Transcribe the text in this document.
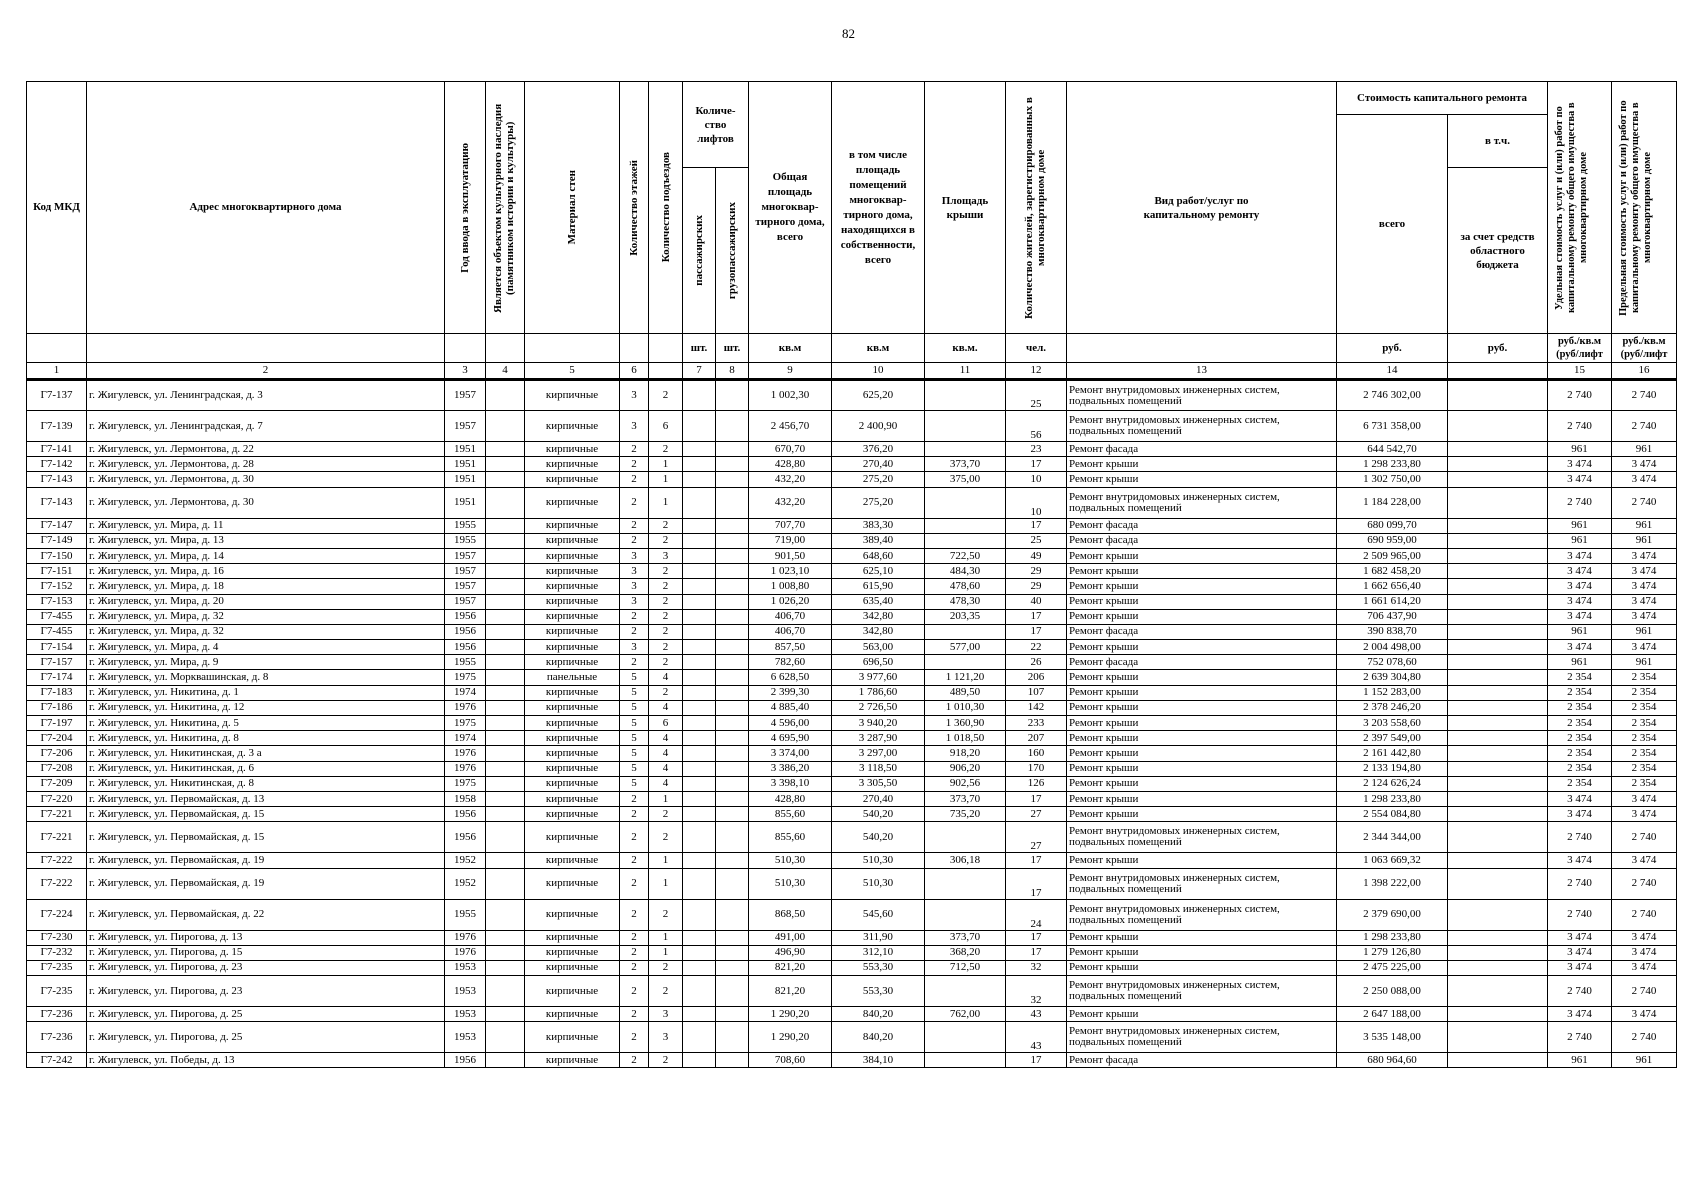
82
Код МКД	Адрес многоквартирного дома	Год ввода в эксплуатацию	Является объектом культурного наследия (памятником истории и культуры)	Материал стен	Количество этажей	Количество подъездов	Количе-ство лифтов		Общая площадь многоквар-тирного дома, всего	в том числе площадь помещений многоквар-тирного дома, находящихся в собственности, всего	Площадь крыши	Количество жителей, зарегистрированных в многоквартирном доме	Вид работ/услуг по капитальному ремонту	Стоимость капитального ремонта		Удельная стоимость услуг и (или) работ по капитальному ремонту общего имущества в многоквартирном доме	Предельная стоимость услуг и (или) работ по капитальному ремонту общего имущества в многоквартирном доме

														всего	в т.ч.		

							пассажирских	грузопассажирских							за счет средств областного бюджета		

							шт.	шт.	кв.м	кв.м	кв.м.	чел.		руб.	руб.	руб./кв.м (руб/лифт	руб./кв.м (руб/лифт
1	2	3	4	5	6		7	8	9	10	11	12	13	14		15	16
Г7-137	г. Жигулевск, ул. Ленинградская, д. 3	1957		кирпичные	3	2			1 002,30	625,20		25	Ремонт внутридомовых инженерных систем, подвальных помещений	2 746 302,00		2 740	2 740
Г7-139	г. Жигулевск, ул. Ленинградская, д. 7	1957		кирпичные	3	6			2 456,70	2 400,90		56	Ремонт внутридомовых инженерных систем, подвальных помещений	6 731 358,00		2 740	2 740
Г7-141	г. Жигулевск, ул. Лермонтова, д. 22	1951		кирпичные	2	2			670,70	376,20		23	Ремонт фасада	644 542,70		961	961
Г7-142	г. Жигулевск, ул. Лермонтова, д. 28	1951		кирпичные	2	1			428,80	270,40	373,70	17	Ремонт крыши	1 298 233,80		3 474	3 474
Г7-143	г. Жигулевск, ул. Лермонтова, д. 30	1951		кирпичные	2	1			432,20	275,20	375,00	10	Ремонт крыши	1 302 750,00		3 474	3 474
Г7-143	г. Жигулевск, ул. Лермонтова, д. 30	1951		кирпичные	2	1			432,20	275,20		10	Ремонт внутридомовых инженерных систем, подвальных помещений	1 184 228,00		2 740	2 740
Г7-147	г. Жигулевск, ул. Мира, д. 11	1955		кирпичные	2	2			707,70	383,30		17	Ремонт фасада	680 099,70		961	961
Г7-149	г. Жигулевск, ул. Мира, д. 13	1955		кирпичные	2	2			719,00	389,40		25	Ремонт фасада	690 959,00		961	961
Г7-150	г. Жигулевск, ул. Мира, д. 14	1957		кирпичные	3	3			901,50	648,60	722,50	49	Ремонт крыши	2 509 965,00		3 474	3 474
Г7-151	г. Жигулевск, ул. Мира, д. 16	1957		кирпичные	3	2			1 023,10	625,10	484,30	29	Ремонт крыши	1 682 458,20		3 474	3 474
Г7-152	г. Жигулевск, ул. Мира, д. 18	1957		кирпичные	3	2			1 008,80	615,90	478,60	29	Ремонт крыши	1 662 656,40		3 474	3 474
Г7-153	г. Жигулевск, ул. Мира, д. 20	1957		кирпичные	3	2			1 026,20	635,40	478,30	40	Ремонт крыши	1 661 614,20		3 474	3 474
Г7-455	г. Жигулевск, ул. Мира, д. 32	1956		кирпичные	2	2			406,70	342,80	203,35	17	Ремонт крыши	706 437,90		3 474	3 474
Г7-455	г. Жигулевск, ул. Мира, д. 32	1956		кирпичные	2	2			406,70	342,80		17	Ремонт фасада	390 838,70		961	961
Г7-154	г. Жигулевск, ул. Мира, д. 4	1956		кирпичные	3	2			857,50	563,00	577,00	22	Ремонт крыши	2 004 498,00		3 474	3 474
Г7-157	г. Жигулевск, ул. Мира, д. 9	1955		кирпичные	2	2			782,60	696,50		26	Ремонт фасада	752 078,60		961	961
Г7-174	г. Жигулевск, ул. Морквашинская, д. 8	1975		панельные	5	4			6 628,50	3 977,60	1 121,20	206	Ремонт крыши	2 639 304,80		2 354	2 354
Г7-183	г. Жигулевск, ул. Никитина, д. 1	1974		кирпичные	5	2			2 399,30	1 786,60	489,50	107	Ремонт крыши	1 152 283,00		2 354	2 354
Г7-186	г. Жигулевск, ул. Никитина, д. 12	1976		кирпичные	5	4			4 885,40	2 726,50	1 010,30	142	Ремонт крыши	2 378 246,20		2 354	2 354
Г7-197	г. Жигулевск, ул. Никитина, д. 5	1975		кирпичные	5	6			4 596,00	3 940,20	1 360,90	233	Ремонт крыши	3 203 558,60		2 354	2 354
Г7-204	г. Жигулевск, ул. Никитина, д. 8	1974		кирпичные	5	4			4 695,90	3 287,90	1 018,50	207	Ремонт крыши	2 397 549,00		2 354	2 354
Г7-206	г. Жигулевск, ул. Никитинская, д. 3 а	1976		кирпичные	5	4			3 374,00	3 297,00	918,20	160	Ремонт крыши	2 161 442,80		2 354	2 354
Г7-208	г. Жигулевск, ул. Никитинская, д. 6	1976		кирпичные	5	4			3 386,20	3 118,50	906,20	170	Ремонт крыши	2 133 194,80		2 354	2 354
Г7-209	г. Жигулевск, ул. Никитинская, д. 8	1975		кирпичные	5	4			3 398,10	3 305,50	902,56	126	Ремонт крыши	2 124 626,24		2 354	2 354
Г7-220	г. Жигулевск, ул. Первомайская, д. 13	1958		кирпичные	2	1			428,80	270,40	373,70	17	Ремонт крыши	1 298 233,80		3 474	3 474
Г7-221	г. Жигулевск, ул. Первомайская, д. 15	1956		кирпичные	2	2			855,60	540,20	735,20	27	Ремонт крыши	2 554 084,80		3 474	3 474
Г7-221	г. Жигулевск, ул. Первомайская, д. 15	1956		кирпичные	2	2			855,60	540,20		27	Ремонт внутридомовых инженерных систем, подвальных помещений	2 344 344,00		2 740	2 740
Г7-222	г. Жигулевск, ул. Первомайская, д. 19	1952		кирпичные	2	1			510,30	510,30	306,18	17	Ремонт крыши	1 063 669,32		3 474	3 474
Г7-222	г. Жигулевск, ул. Первомайская, д. 19	1952		кирпичные	2	1			510,30	510,30		17	Ремонт внутридомовых инженерных систем, подвальных помещений	1 398 222,00		2 740	2 740
Г7-224	г. Жигулевск, ул. Первомайская, д. 22	1955		кирпичные	2	2			868,50	545,60		24	Ремонт внутридомовых инженерных систем, подвальных помещений	2 379 690,00		2 740	2 740
Г7-230	г. Жигулевск, ул. Пирогова, д. 13	1976		кирпичные	2	1			491,00	311,90	373,70	17	Ремонт крыши	1 298 233,80		3 474	3 474
Г7-232	г. Жигулевск, ул. Пирогова, д. 15	1976		кирпичные	2	1			496,90	312,10	368,20	17	Ремонт крыши	1 279 126,80		3 474	3 474
Г7-235	г. Жигулевск, ул. Пирогова, д. 23	1953		кирпичные	2	2			821,20	553,30	712,50	32	Ремонт крыши	2 475 225,00		3 474	3 474
Г7-235	г. Жигулевск, ул. Пирогова, д. 23	1953		кирпичные	2	2			821,20	553,30		32	Ремонт внутридомовых инженерных систем, подвальных помещений	2 250 088,00		2 740	2 740
Г7-236	г. Жигулевск, ул. Пирогова, д. 25	1953		кирпичные	2	3			1 290,20	840,20	762,00	43	Ремонт крыши	2 647 188,00		3 474	3 474
Г7-236	г. Жигулевск, ул. Пирогова, д. 25	1953		кирпичные	2	3			1 290,20	840,20		43	Ремонт внутридомовых инженерных систем, подвальных помещений	3 535 148,00		2 740	2 740
Г7-242	г. Жигулевск, ул. Победы, д. 13	1956		кирпичные	2	2			708,60	384,10		17	Ремонт фасада	680 964,60		961	961
